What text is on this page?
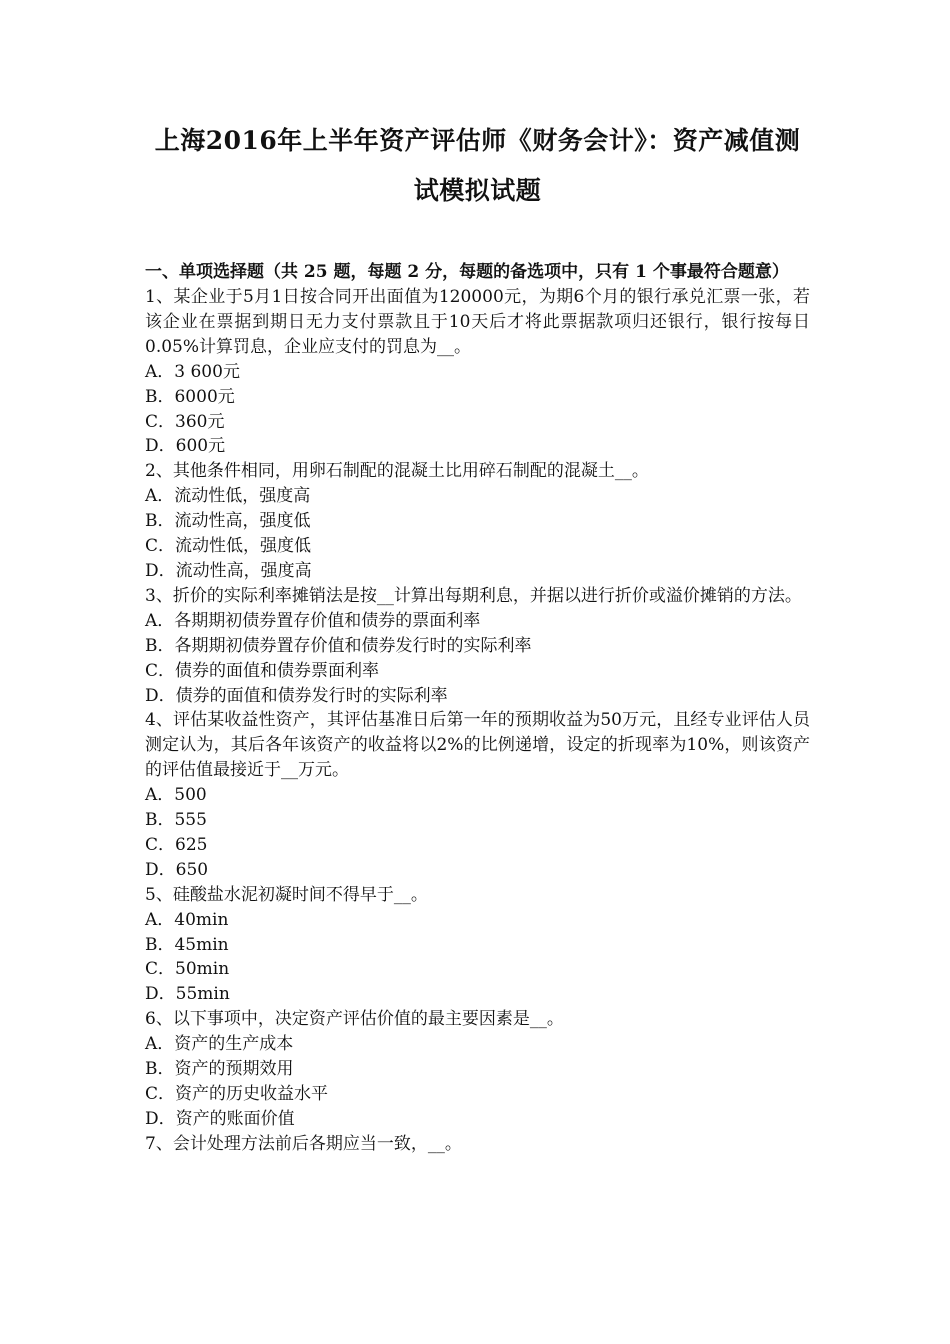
上海2016年上半年资产评估师《财务会计》：资产减值测
试模拟试题

一、单项选择题（共 25 题，每题 2 分，每题的备选项中，只有 1 个事最符合题意）

1、某企业于5月1日按合同开出面值为120000元，为期6个月的银行承兑汇票一张，若该企业在票据到期日无力支付票款且于10天后才将此票据款项归还银行，银行按每日 0.05%计算罚息，企业应支付的罚息为__。

A．3 600元

B．6000元

C．360元

D．600元

2、其他条件相同，用卵石制配的混凝土比用碎石制配的混凝土__。

A．流动性低，强度高

B．流动性高，强度低

C．流动性低，强度低

D．流动性高，强度高

3、折价的实际利率摊销法是按__计算出每期利息，并据以进行折价或溢价摊销的方法。

A．各期期初债券置存价值和债券的票面利率

B．各期期初债券置存价值和债券发行时的实际利率

C．债券的面值和债券票面利率

D．债券的面值和债券发行时的实际利率

4、评估某收益性资产，其评估基准日后第一年的预期收益为50万元，且经专业评估人员测定认为，其后各年该资产的收益将以2%的比例递增，设定的折现率为10%，则该资产的评估值最接近于__万元。

A．500

B．555

C．625

D．650

5、硅酸盐水泥初凝时间不得早于__。

A．40min

B．45min

C．50min

D．55min

6、以下事项中，决定资产评估价值的最主要因素是__。

A．资产的生产成本

B．资产的预期效用

C．资产的历史收益水平

D．资产的账面价值

7、会计处理方法前后各期应当一致，__。
